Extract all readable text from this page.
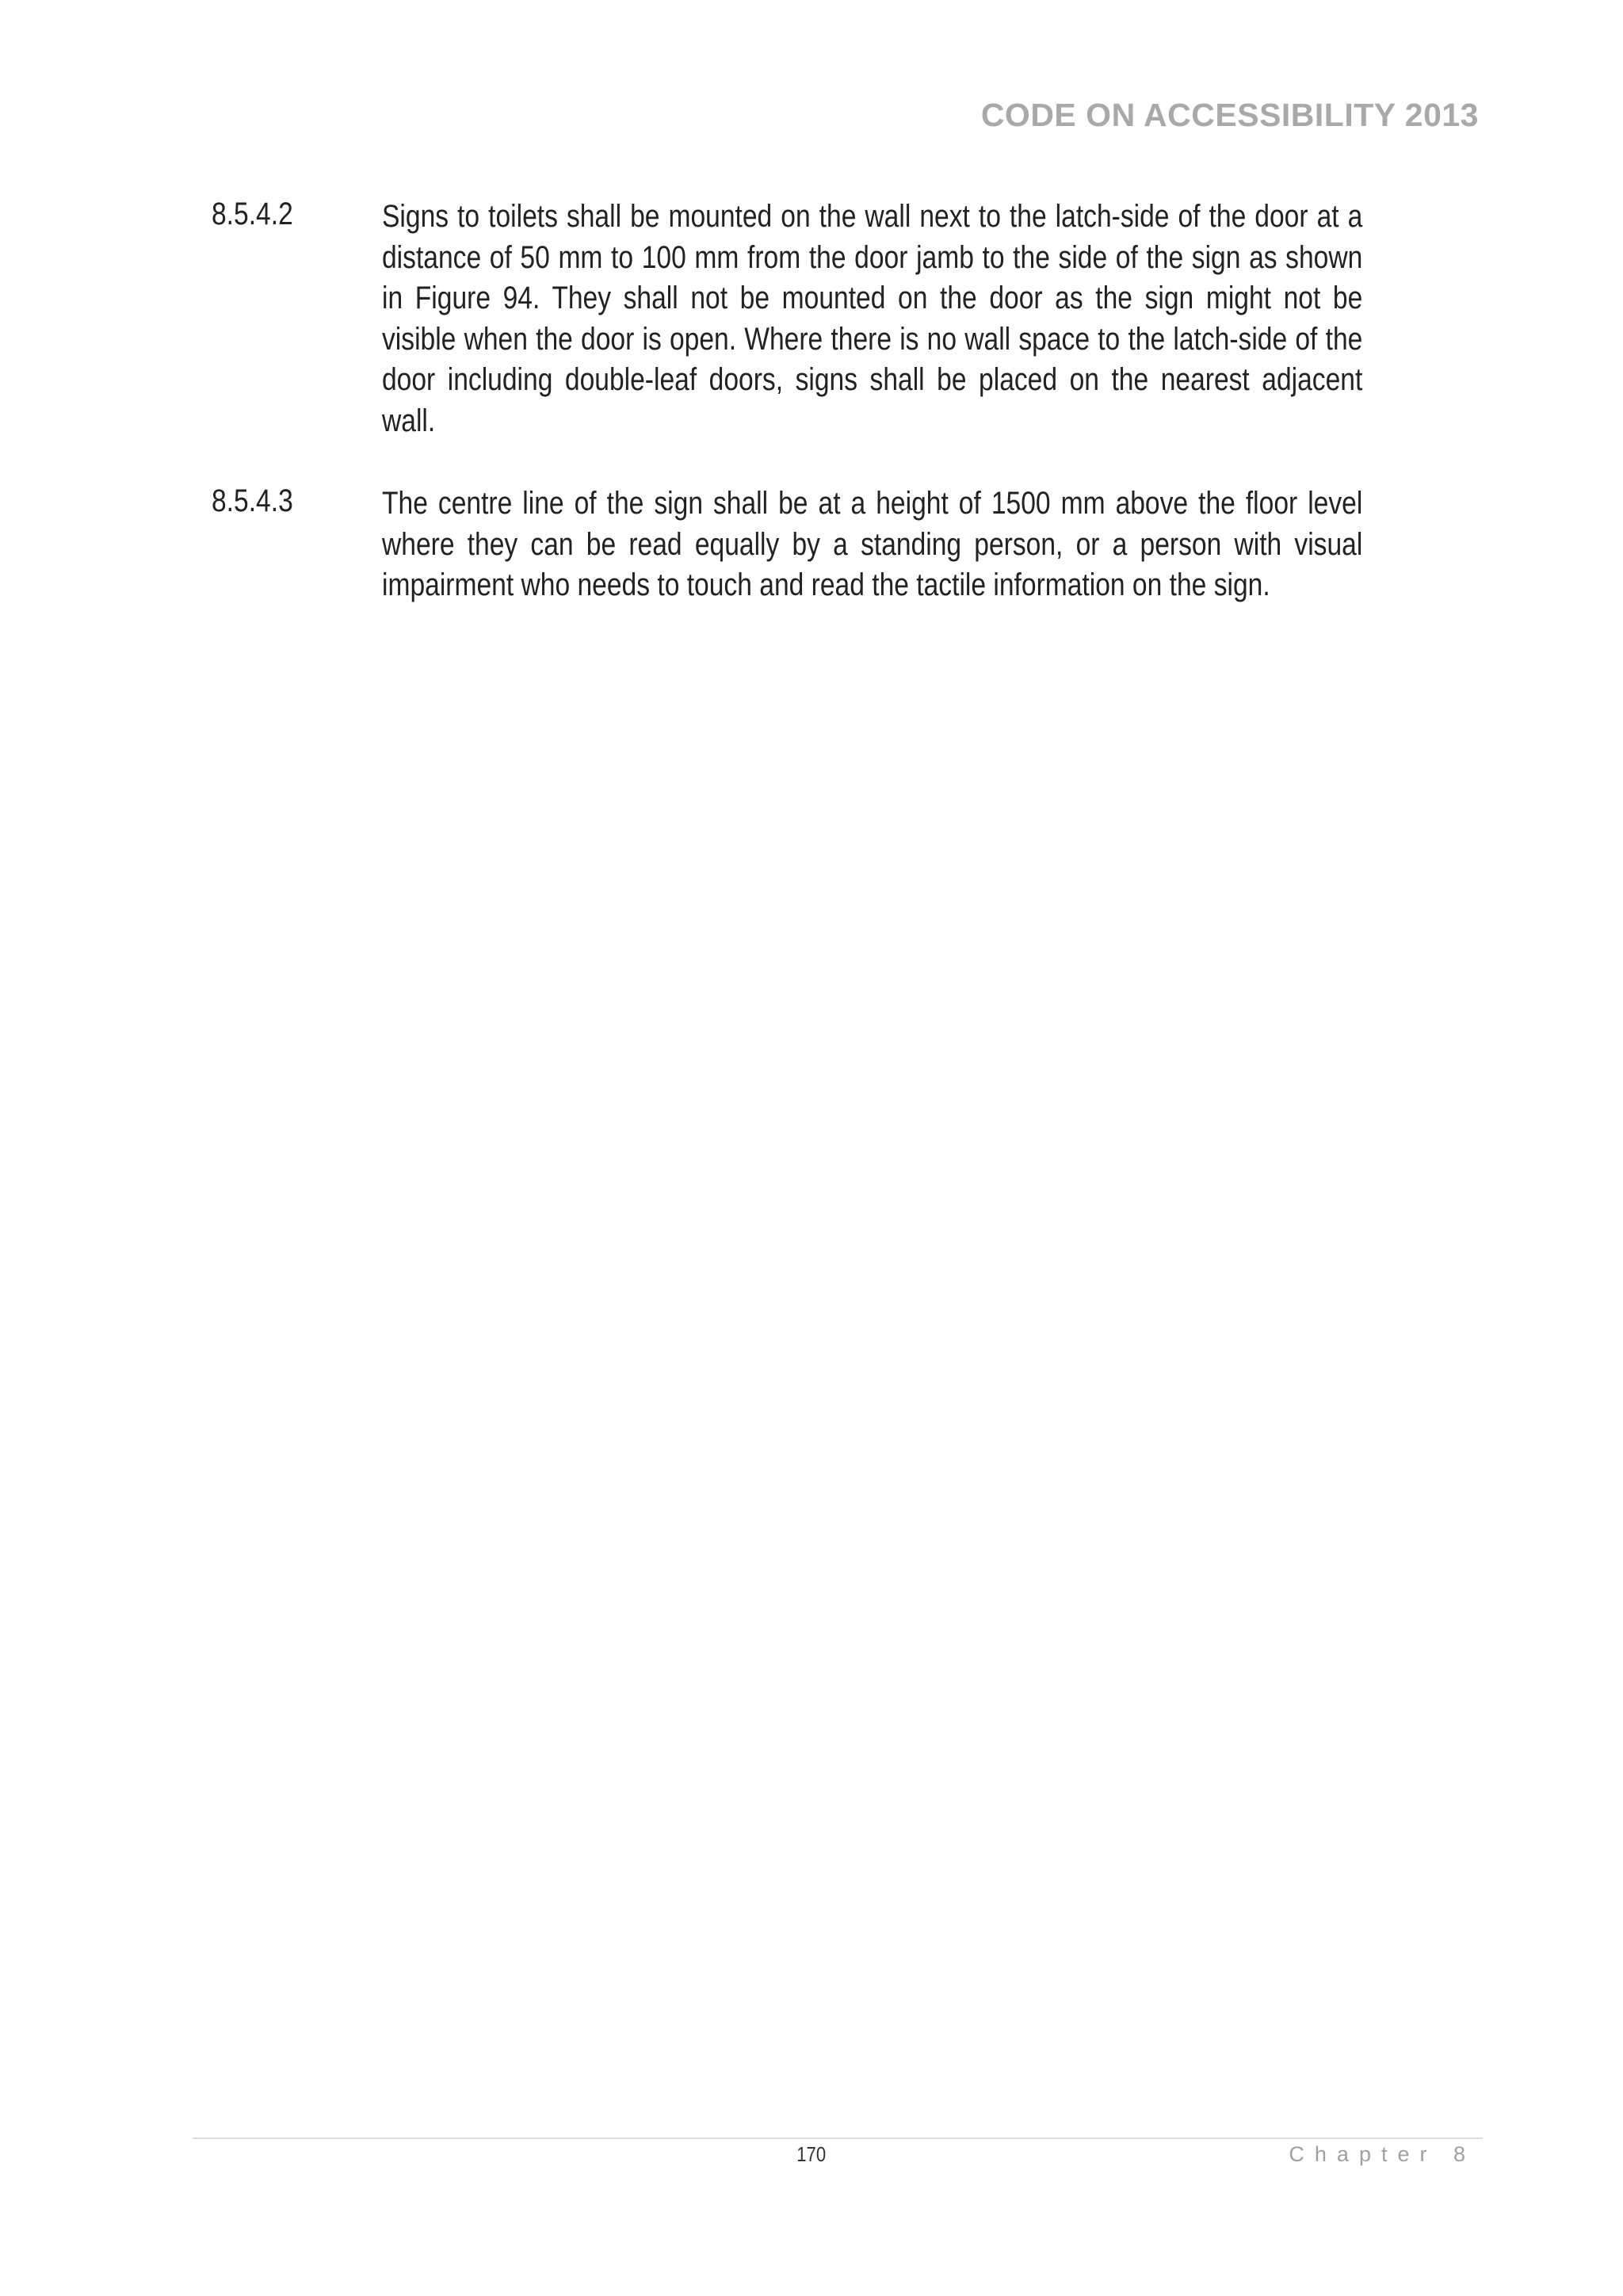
CODE ON ACCESSIBILITY 2013
8.5.4.2	Signs to toilets shall be mounted on the wall next to the latch-side of the door at a distance of 50 mm to 100 mm from the door jamb to the side of the sign as shown in Figure 94. They shall not be mounted on the door as the sign might not be visible when the door is open. Where there is no wall space to the latch-side of the door including double-leaf doors, signs shall be placed on the nearest adjacent wall.

8.5.4.3	The centre line of the sign shall be at a height of 1500 mm above the floor level where they can be read equally by a standing person, or a person with visual impairment who needs to touch and read the tactile information on the sign.

170	Chapter 8
